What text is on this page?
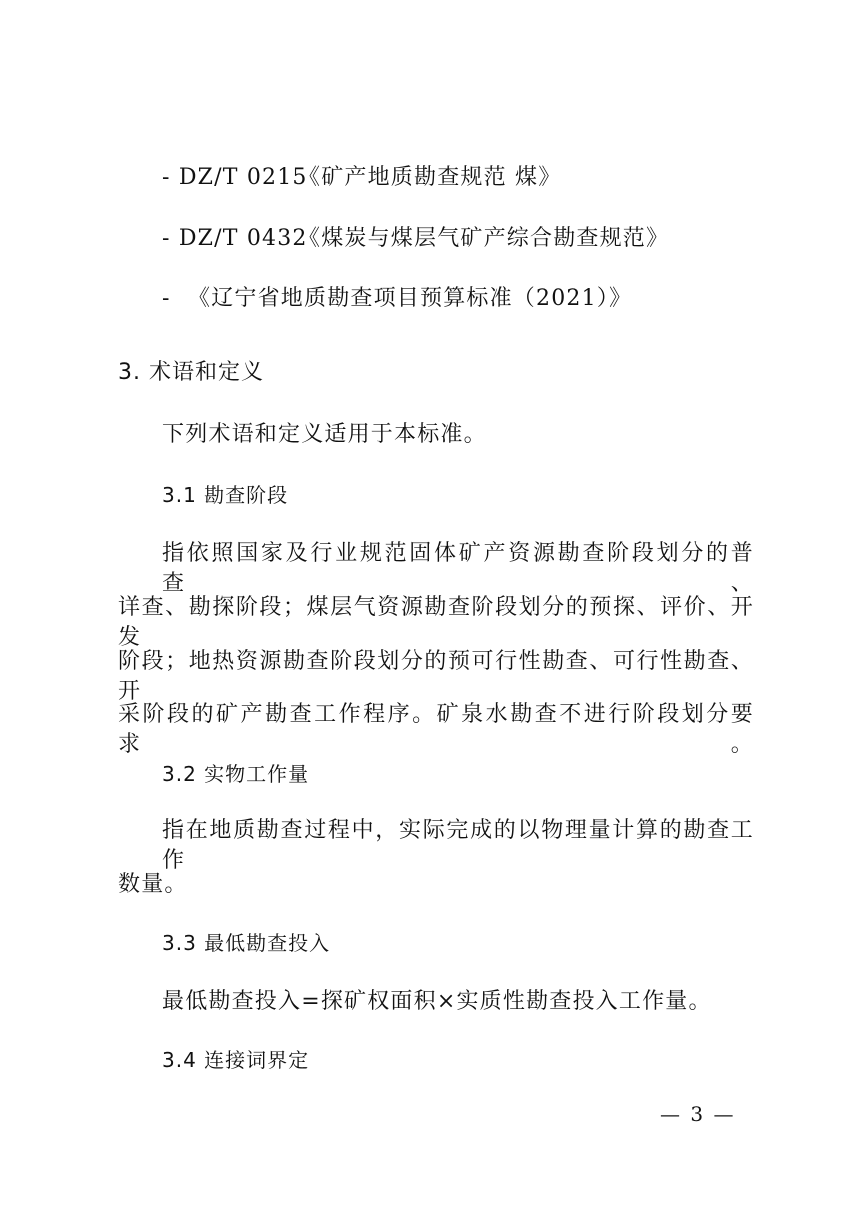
- DZ/T 0215《矿产地质勘查规范 煤》
- DZ/T 0432《煤炭与煤层气矿产综合勘查规范》
- 《辽宁省地质勘查项目预算标准（2021）》
3. 术语和定义
下列术语和定义适用于本标准。
3.1 勘查阶段
指依照国家及行业规范固体矿产资源勘查阶段划分的普查、
详查、勘探阶段；煤层气资源勘查阶段划分的预探、评价、开发
阶段；地热资源勘查阶段划分的预可行性勘查、可行性勘查、开
采阶段的矿产勘查工作程序。矿泉水勘查不进行阶段划分要求。
3.2 实物工作量
指在地质勘查过程中，实际完成的以物理量计算的勘查工作
数量。
3.3 最低勘查投入
最低勘查投入=探矿权面积×实质性勘查投入工作量。
3.4 连接词界定
— 3 —
